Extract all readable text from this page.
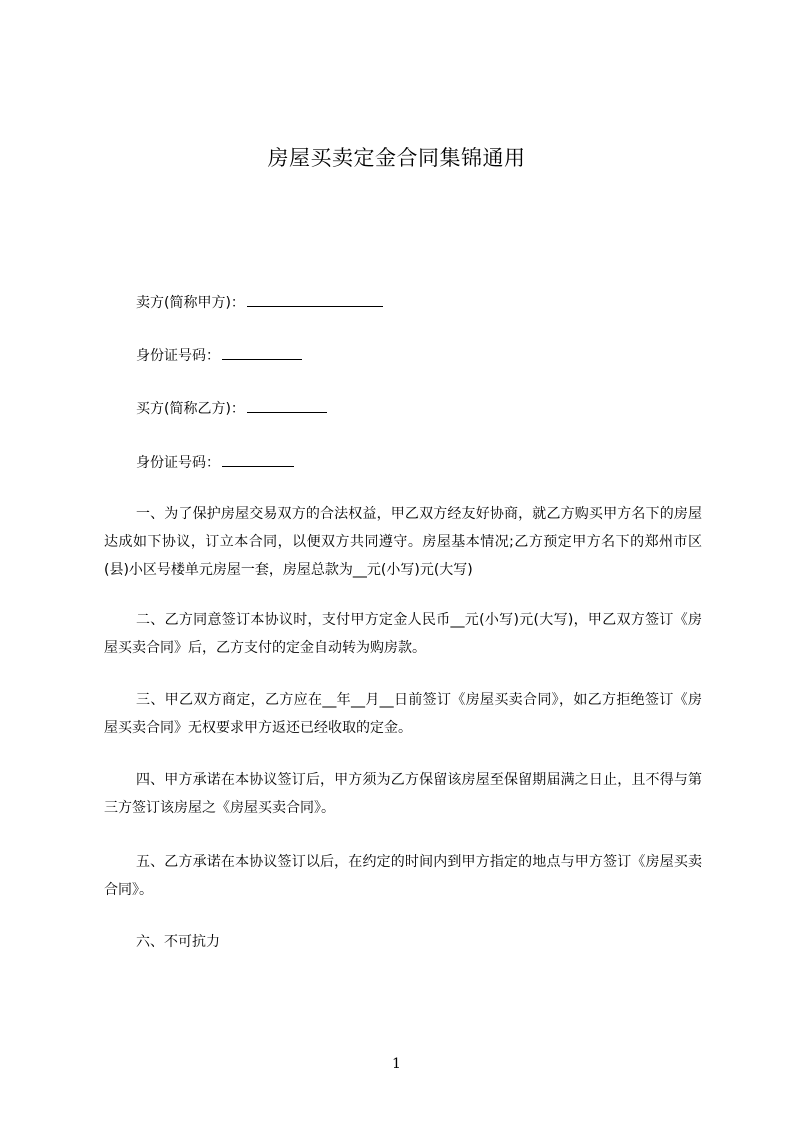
房屋买卖定金合同集锦通用

卖方(简称甲方)：

身份证号码：

买方(简称乙方)：

身份证号码：

一、为了保护房屋交易双方的合法权益，甲乙双方经友好协商，就乙方购买甲方名下的房屋达成如下协议，订立本合同，以便双方共同遵守。房屋基本情况;乙方预定甲方名下的郑州市区(县)小区号楼单元房屋一套，房屋总款为__元(小写)元(大写)

二、乙方同意签订本协议时，支付甲方定金人民币__元(小写)元(大写)，甲乙双方签订《房屋买卖合同》后，乙方支付的定金自动转为购房款。

三、甲乙双方商定，乙方应在__年__月__日前签订《房屋买卖合同》，如乙方拒绝签订《房屋买卖合同》无权要求甲方返还已经收取的定金。

四、甲方承诺在本协议签订后，甲方须为乙方保留该房屋至保留期届满之日止，且不得与第三方签订该房屋之《房屋买卖合同》。

五、乙方承诺在本协议签订以后，在约定的时间内到甲方指定的地点与甲方签订《房屋买卖合同》。

六、不可抗力

1
